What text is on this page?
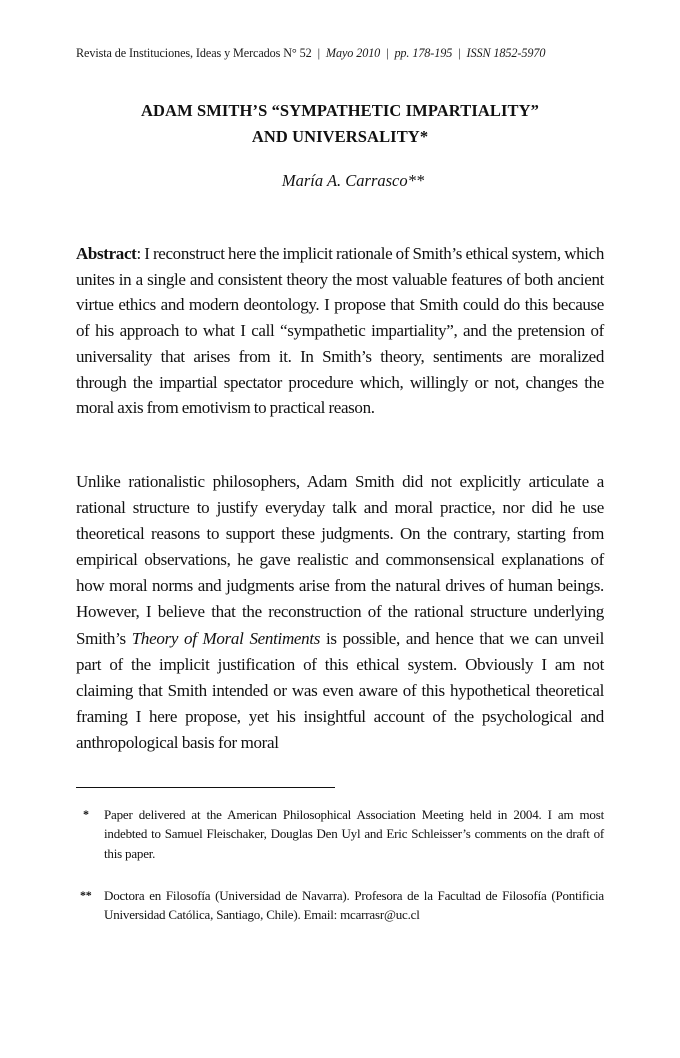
Revista de Instituciones, Ideas y Mercados N° 52 | Mayo 2010 | pp. 178-195 | ISSN 1852-5970
ADAM SMITH’S “SYMPATHETIC IMPARTIALITY”
AND UNIVERSALITY*
María A. Carrasco**
Abstract: I reconstruct here the implicit rationale of Smith’s ethical system, which unites in a single and consistent theory the most valuable features of both ancient virtue ethics and modern deontology. I propose that Smith could do this because of his approach to what I call “sympathetic impartiality”, and the pretension of universality that arises from it. In Smith’s theory, sentiments are moralized through the impartial spectator procedure which, willingly or not, changes the moral axis from emotivism to practical reason.
Unlike rationalistic philosophers, Adam Smith did not explicitly articulate a rational structure to justify everyday talk and moral practice, nor did he use theoretical reasons to support these judgments. On the contrary, starting from empirical observations, he gave realistic and commonsensical explanations of how moral norms and judgments arise from the natural drives of human beings. However, I believe that the reconstruction of the rational structure underlying Smith’s Theory of Moral Sentiments is possible, and hence that we can unveil part of the implicit justification of this ethical system. Obviously I am not claiming that Smith intended or was even aware of this hypothetical theoretical framing I here propose, yet his insightful account of the psychological and anthropological basis for moral
* Paper delivered at the American Philosophical Association Meeting held in 2004. I am most indebted to Samuel Fleischaker, Douglas Den Uyl and Eric Schleisser’s comments on the draft of this paper.
** Doctora en Filosofía (Universidad de Navarra). Profesora de la Facultad de Filosofía (Pontificia Universidad Católica, Santiago, Chile). Email: mcarrasr@uc.cl
